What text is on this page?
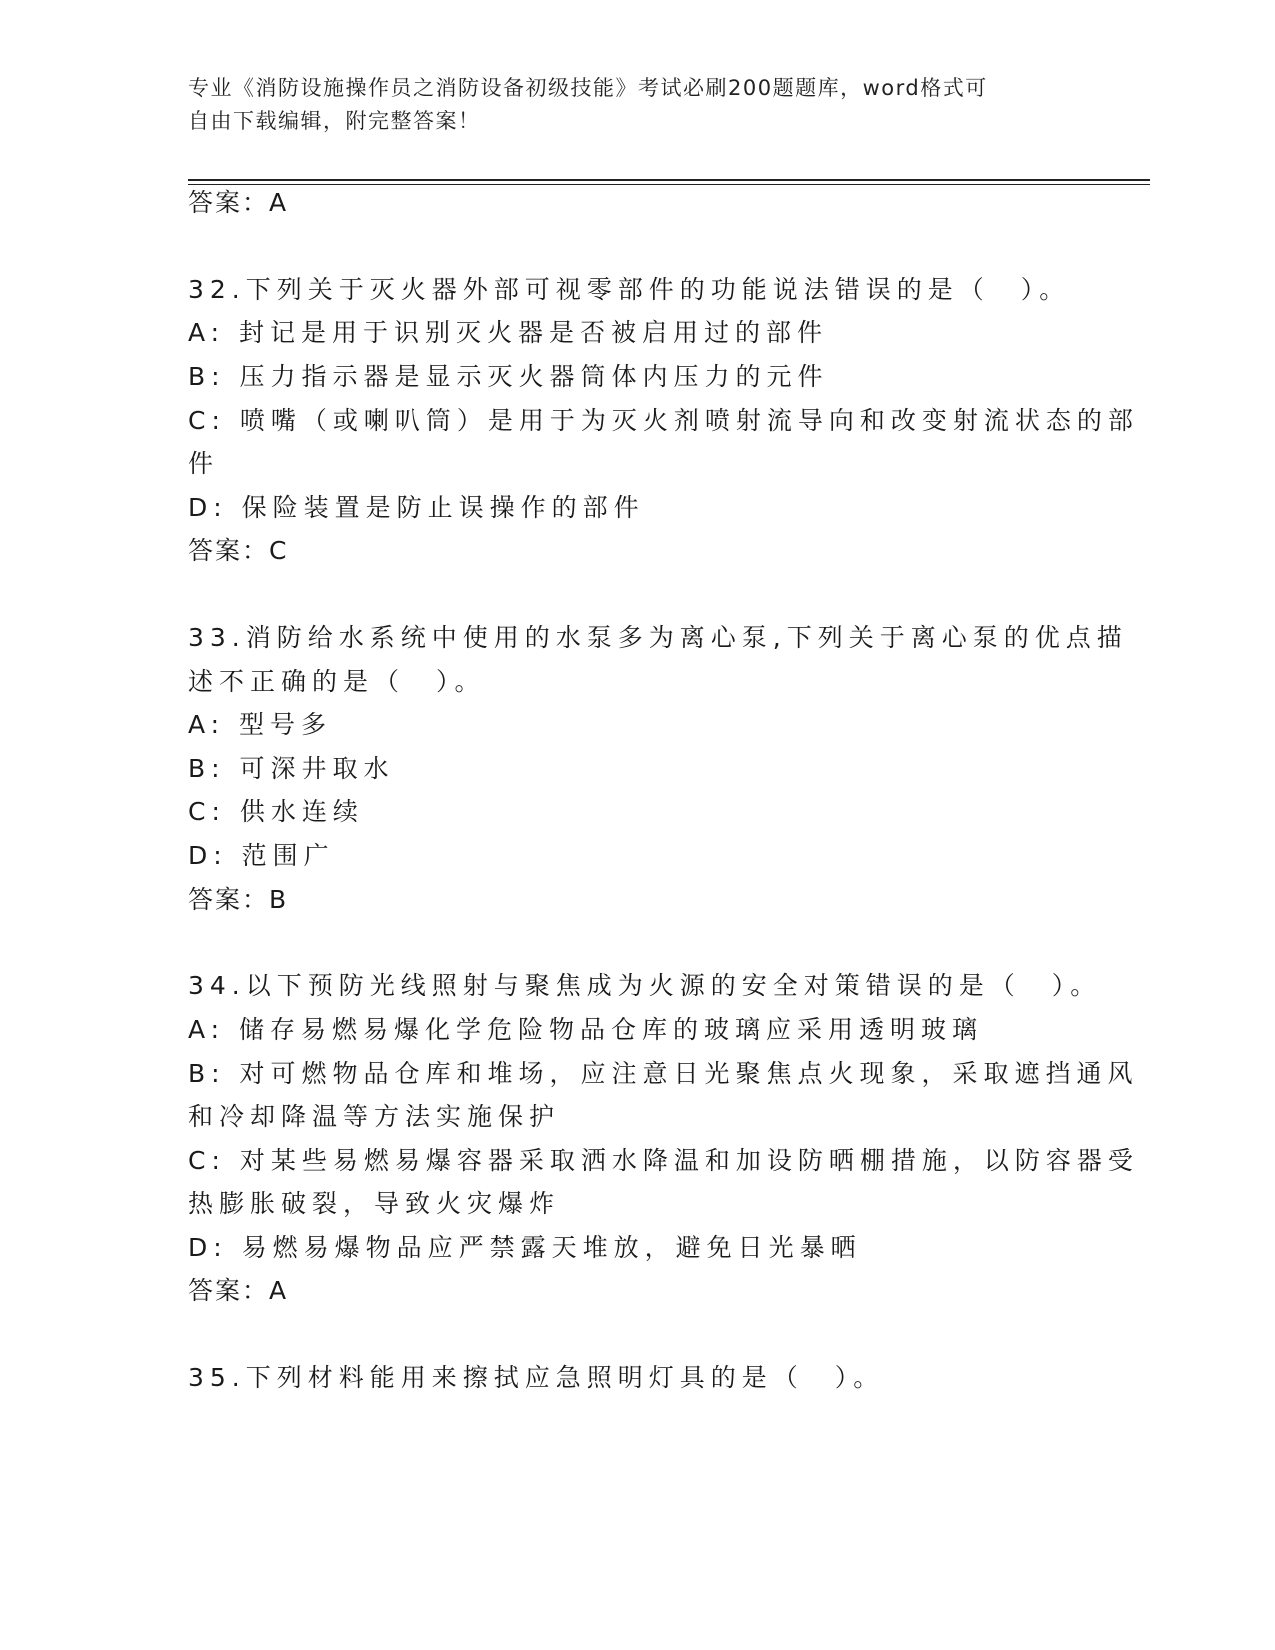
专业《消防设施操作员之消防设备初级技能》考试必刷200题题库，word格式可
自由下载编辑，附完整答案！
答案：A
32.下列关于灭火器外部可视零部件的功能说法错误的是（　）。
A: 封记是用于识别灭火器是否被启用过的部件
B: 压力指示器是显示灭火器筒体内压力的元件
C: 喷嘴（或喇叭筒）是用于为灭火剂喷射流导向和改变射流状态的部
件
D: 保险装置是防止误操作的部件
答案：C
33.消防给水系统中使用的水泵多为离心泵,下列关于离心泵的优点描
述不正确的是（　）。
A: 型号多
B: 可深井取水
C: 供水连续
D: 范围广
答案：B
34.以下预防光线照射与聚焦成为火源的安全对策错误的是（　）。
A: 储存易燃易爆化学危险物品仓库的玻璃应采用透明玻璃
B: 对可燃物品仓库和堆场，应注意日光聚焦点火现象，采取遮挡通风
和冷却降温等方法实施保护
C: 对某些易燃易爆容器采取洒水降温和加设防晒棚措施，以防容器受
热膨胀破裂，导致火灾爆炸
D: 易燃易爆物品应严禁露天堆放，避免日光暴晒
答案：A
35.下列材料能用来擦拭应急照明灯具的是（　）。
